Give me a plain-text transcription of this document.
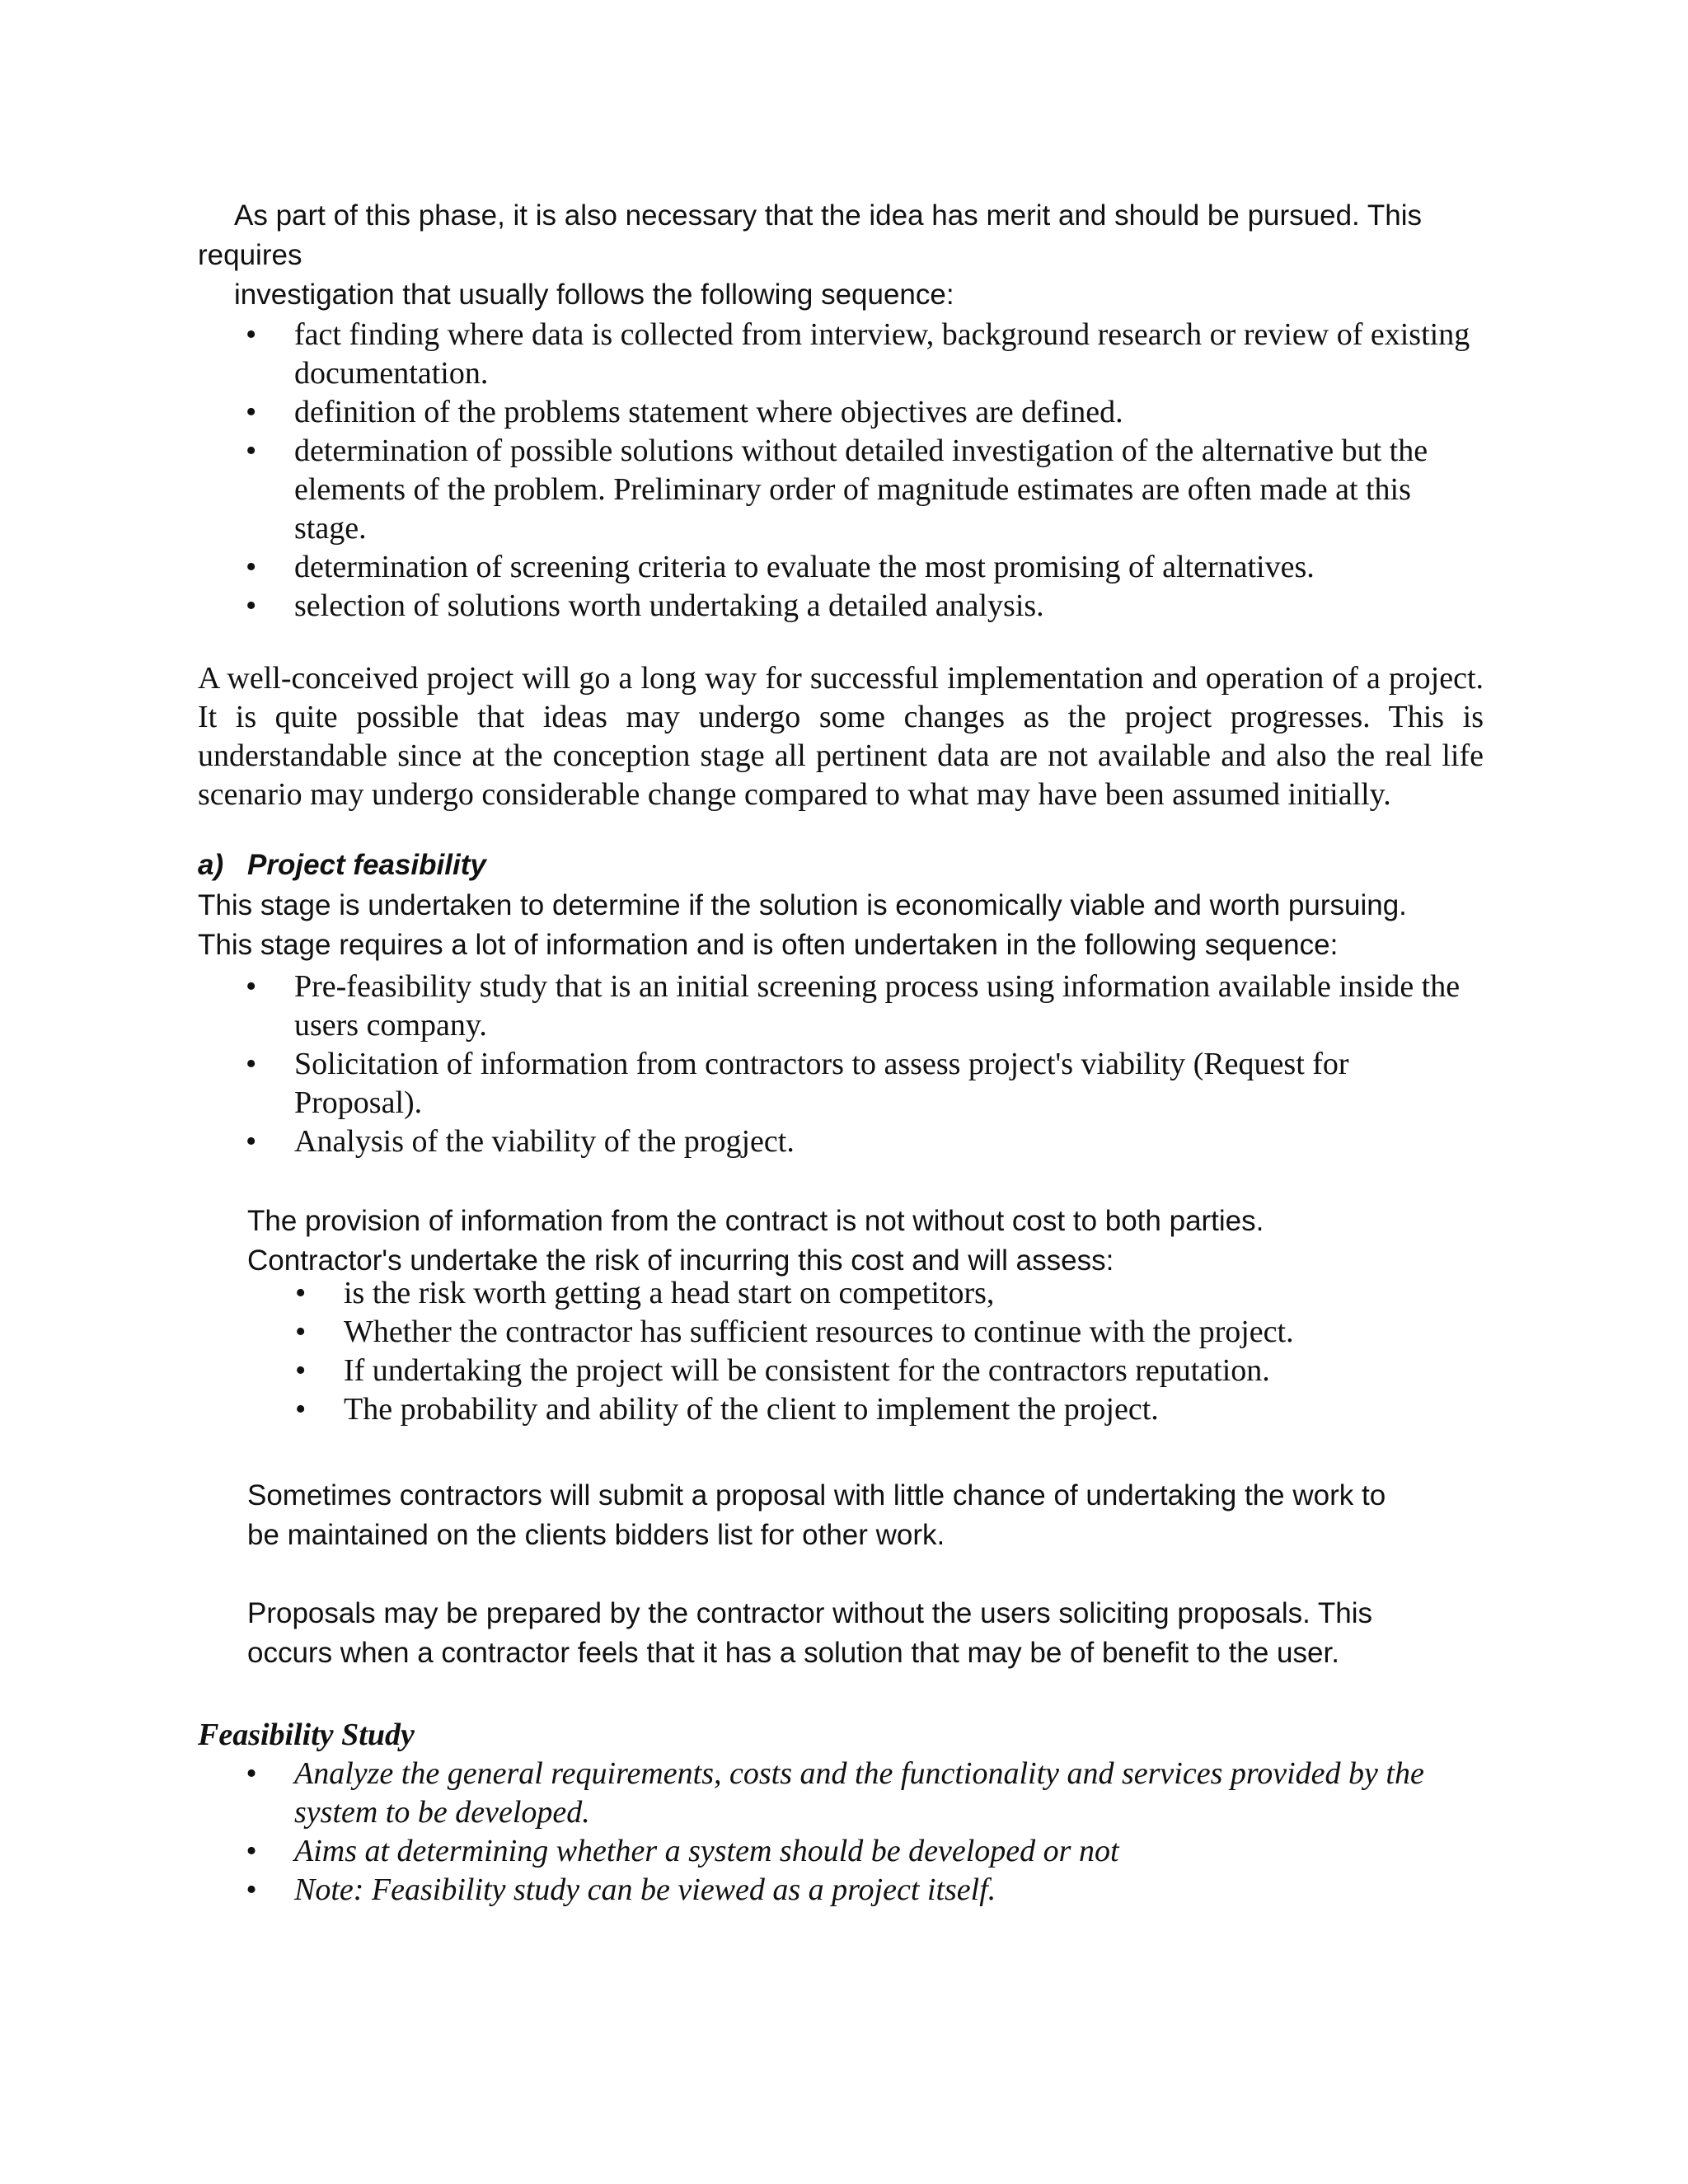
As part of this phase, it is also necessary that the idea has merit and should be pursued. This
requires
investigation that usually follows the following sequence:
• fact finding where data is collected from interview, background research or review of existing documentation.
• definition of the problems statement where objectives are defined.
• determination of possible solutions without detailed investigation of the alternative but the elements of the problem. Preliminary order of magnitude estimates are often made at this stage.
• determination of screening criteria to evaluate the most promising of alternatives.
• selection of solutions worth undertaking a detailed analysis.

A well-conceived project will go a long way for successful implementation and operation of a project. It is quite possible that ideas may undergo some changes as the project progresses. This is understandable since at the conception stage all pertinent data are not available and also the real life scenario may undergo considerable change compared to what may have been assumed initially.

a) Project feasibility
This stage is undertaken to determine if the solution is economically viable and worth pursuing.
This stage requires a lot of information and is often undertaken in the following sequence:
• Pre-feasibility study that is an initial screening process using information available inside the users company.
• Solicitation of information from contractors to assess project's viability (Request for Proposal).
• Analysis of the viability of the progject.
The provision of information from the contract is not without cost to both parties.
Contractor's undertake the risk of incurring this cost and will assess:
• is the risk worth getting a head start on competitors,
• Whether the contractor has sufficient resources to continue with the project.
• If undertaking the project will be consistent for the contractors reputation.
• The probability and ability of the client to implement the project.
Sometimes contractors will submit a proposal with little chance of undertaking the work to
be maintained on the clients bidders list for other work.
Proposals may be prepared by the contractor without the users soliciting proposals. This
occurs when a contractor feels that it has a solution that may be of benefit to the user.
Feasibility Study
• Analyze the general requirements, costs and the functionality and services provided by the system to be developed.
• Aims at determining whether a system should be developed or not
• Note: Feasibility study can be viewed as a project itself.
